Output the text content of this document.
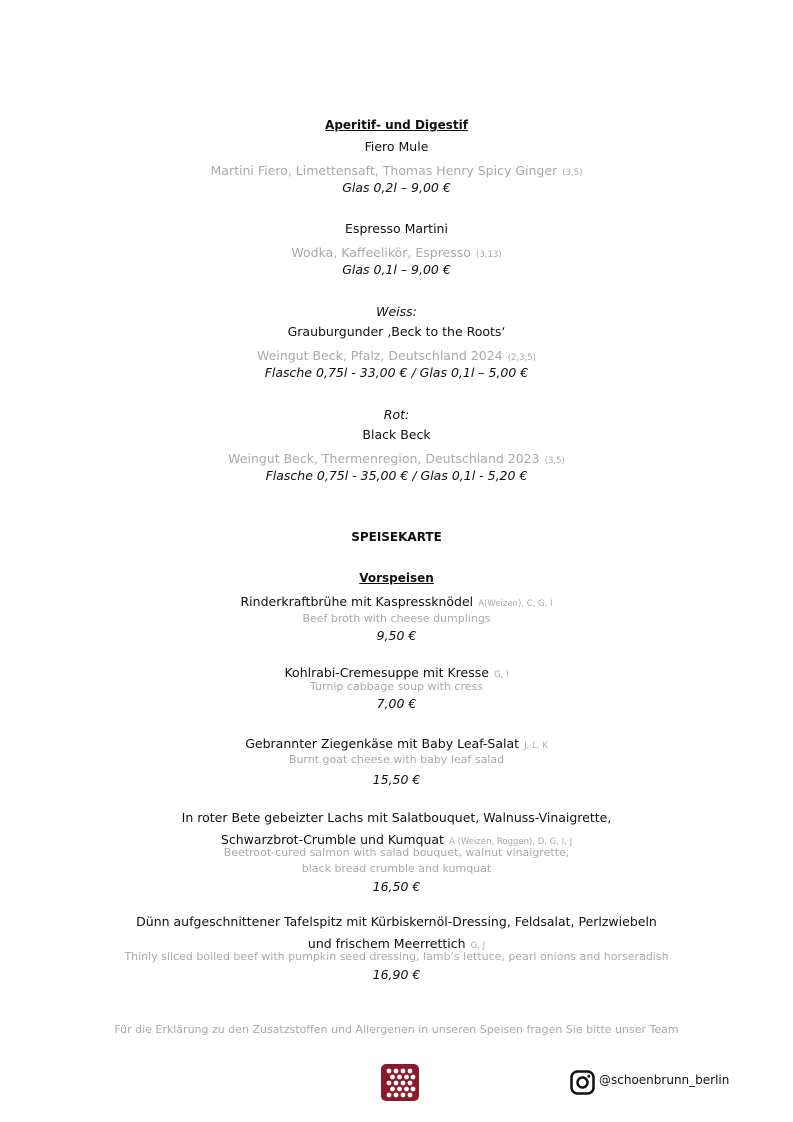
Aperitif- und Digestif
Fiero Mule
Martini Fiero, Limettensaft, Thomas Henry Spicy Ginger (3,5)
Glas 0,2l – 9,00 €
Espresso Martini
Wodka, Kaffeelikör, Espresso (3,13)
Glas 0,1l – 9,00 €
Weiss:
Grauburgunder ‚Beck to the Roots‘
Weingut Beck, Pfalz, Deutschland 2024 (2,3,5)
Flasche 0,75l - 33,00 € / Glas 0,1l – 5,00 €
Rot:
Black Beck
Weingut Beck, Thermenregion, Deutschland 2023 (3,5)
Flasche 0,75l - 35,00 € / Glas 0,1l - 5,20 €
SPEISEKARTE
Vorspeisen
Rinderkraftbrühe mit Kaspressknödel A(Weizen), C, G, I
Beef broth with cheese dumplings
9,50 €
Kohlrabi-Cremesuppe mit Kresse G, I
Turnip cabbage soup with cress
7,00 €
Gebrannter Ziegenkäse mit Baby Leaf-Salat J, L, K
Burnt goat cheese with baby leaf salad
15,50 €
In roter Bete gebeizter Lachs mit Salatbouquet, Walnuss-Vinaigrette,
Schwarzbrot-Crumble und Kumquat A (Weizen, Roggen), D, G, I, J
Beetroot-cured salmon with salad bouquet, walnut vinaigrette,
black bread crumble and kumquat
16,50 €
Dünn aufgeschnittener Tafelspitz mit Kürbiskernöl-Dressing, Feldsalat, Perlzwiebeln
und frischem Meerrettich G, J
Thinly sliced boiled beef with pumpkin seed dressing, lamb’s lettuce, pearl onions and horseradish
16,90 €
Für die Erklärung zu den Zusatzstoffen und Allergenen in unseren Speisen fragen Sie bitte unser Team
@schoenbrunn_berlin
